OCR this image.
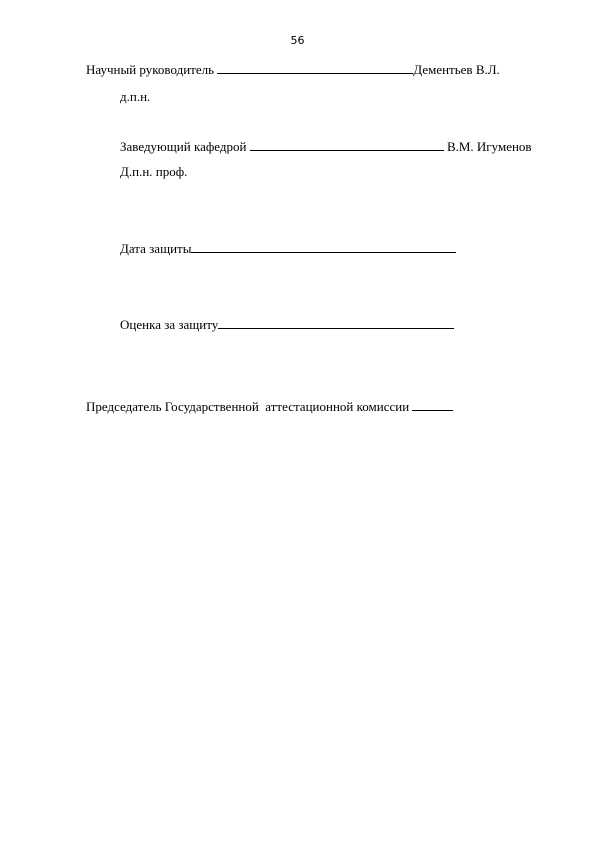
56
Научный руководитель	Дементьев В.Л.
д.п.н.
Заведующий кафедрой	В.М. Игуменов
Д.п.н. проф.
Дата защиты
Оценка за защиту
Председатель Государственной  аттестационной комиссии
